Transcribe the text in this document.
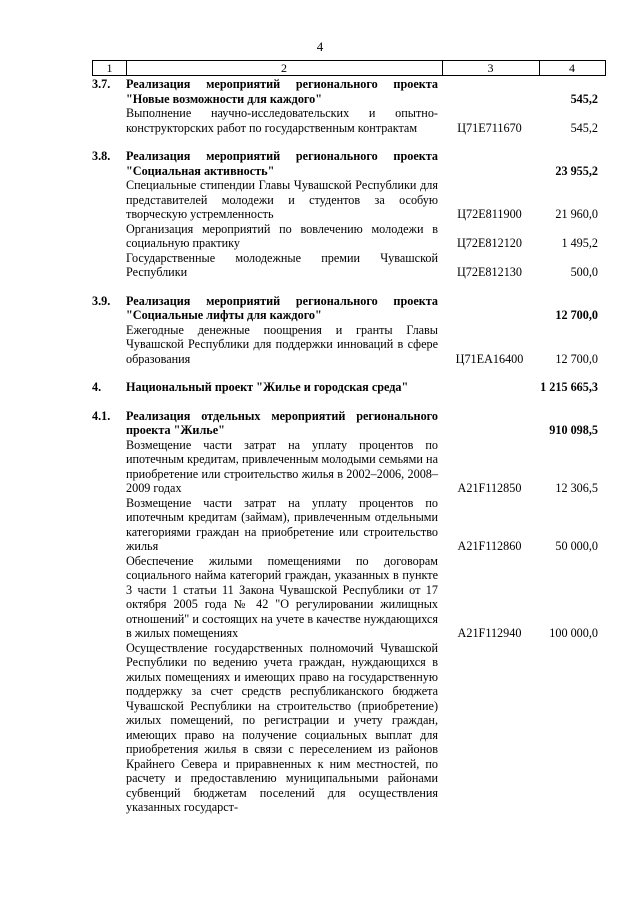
4
1	2	3	4
3.7.	Реализация мероприятий регионального проекта "Новые возможности для каждого"	545,2
Выполнение научно-исследовательских и опытно-конструкторских работ по государственным контрактам	Ц71E711670	545,2
3.8.	Реализация мероприятий регионального проекта "Социальная активность"	23 955,2
Специальные стипендии Главы Чувашской Республики для представителей молодежи и студентов за особую творческую устремленность	Ц72E811900	21 960,0
Организация мероприятий по вовлечению молодежи в социальную практику	Ц72E812120	1 495,2
Государственные молодежные премии Чувашской Республики	Ц72E812130	500,0
3.9.	Реализация мероприятий регионального проекта "Социальные лифты для каждого"	12 700,0
Ежегодные денежные поощрения и гранты Главы Чувашской Республики для поддержки инноваций в сфере образования	Ц71EA16400	12 700,0
4.	Национальный проект "Жилье и городская среда"	1 215 665,3
4.1.	Реализация отдельных мероприятий регионального проекта "Жилье"	910 098,5
Возмещение части затрат на уплату процентов по ипотечным кредитам, привлеченным молодыми семьями на приобретение или строительство жилья в 2002–2006, 2008–2009 годах	A21F112850	12 306,5
Возмещение части затрат на уплату процентов по ипотечным кредитам (займам), привлеченным отдельными категориями граждан на приобретение или строительство жилья	A21F112860	50 000,0
Обеспечение жилыми помещениями по договорам социального найма категорий граждан, указанных в пункте 3 части 1 статьи 11 Закона Чувашской Республики от 17 октября 2005 года № 42 "О регулировании жилищных отношений" и состоящих на учете в качестве нуждающихся в жилых помещениях	A21F112940	100 000,0
Осуществление государственных полномочий Чувашской Республики по ведению учета граждан, нуждающихся в жилых помещениях и имеющих право на государственную поддержку за счет средств республиканского бюджета Чувашской Республики на строительство (приобретение) жилых помещений, по регистрации и учету граждан, имеющих право на получение социальных выплат для приобретения жилья в связи с переселением из районов Крайнего Севера и приравненных к ним местностей, по расчету и предоставлению муниципальными районами субвенций бюджетам поселений для осуществления указанных государст-
